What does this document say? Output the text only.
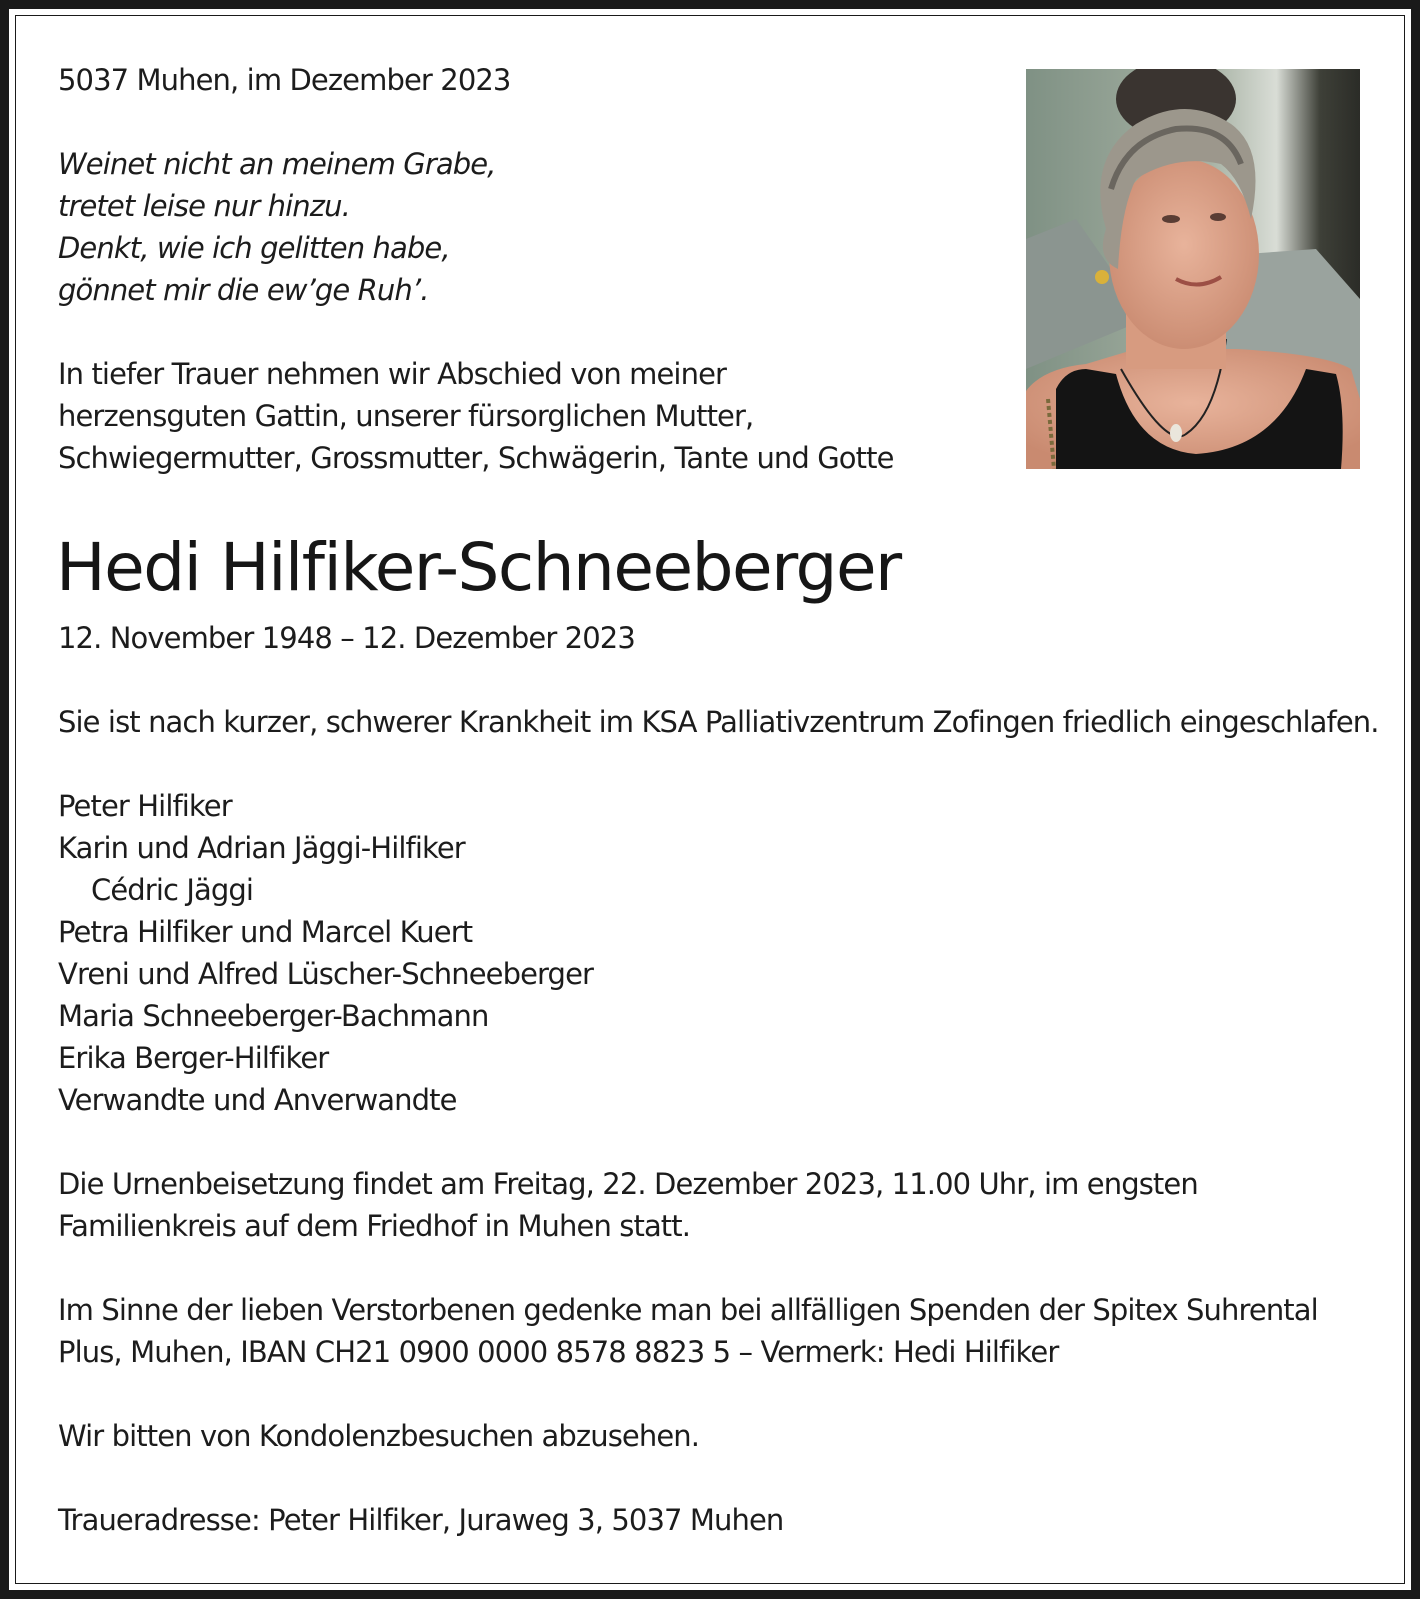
5037 Muhen, im Dezember 2023

Weinet nicht an meinem Grabe,

tretet leise nur hinzu.

Denkt, wie ich gelitten habe,

gönnet mir die ew’ge Ruh’.

In tiefer Trauer nehmen wir Abschied von meiner

herzensguten Gattin, unserer fürsorglichen Mutter,

Schwiegermutter, Grossmutter, Schwägerin, Tante und Gotte

Hedi Hilfiker-Schneeberger

12. November 1948 – 12. Dezember 2023

Sie ist nach kurzer, schwerer Krankheit im KSA Palliativzentrum Zofingen friedlich eingeschlafen.

Peter Hilfiker

Karin und Adrian Jäggi-Hilfiker

Cédric Jäggi

Petra Hilfiker und Marcel Kuert

Vreni und Alfred Lüscher-Schneeberger

Maria Schneeberger-Bachmann

Erika Berger-Hilfiker

Verwandte und Anverwandte

Die Urnenbeisetzung findet am Freitag, 22. Dezember 2023, 11.00 Uhr, im engsten

Familienkreis auf dem Friedhof in Muhen statt.

Im Sinne der lieben Verstorbenen gedenke man bei allfälligen Spenden der Spitex Suhrental

Plus, Muhen, IBAN CH21 0900 0000 8578 8823 5 – Vermerk: Hedi Hilfiker

Wir bitten von Kondolenzbesuchen abzusehen.

Traueradresse: Peter Hilfiker, Juraweg 3, 5037 Muhen
